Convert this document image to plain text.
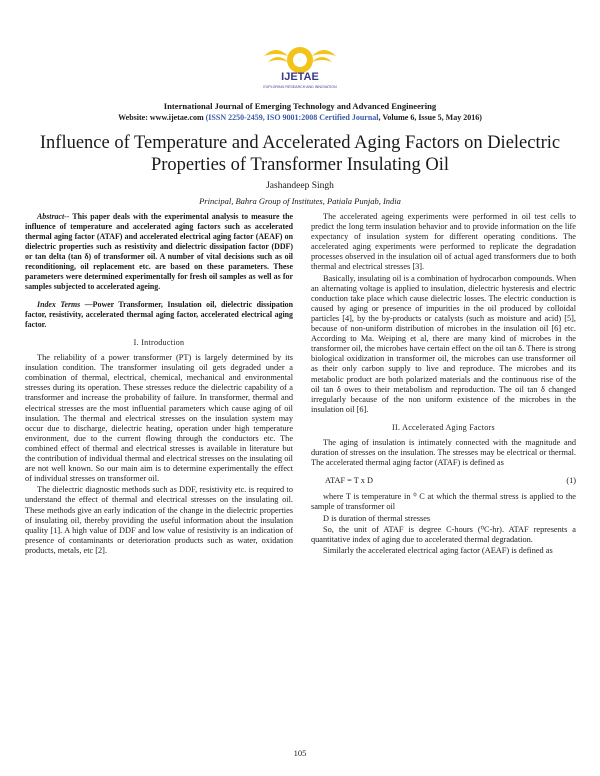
IJETAE
EXPLORING RESEARCH AND INNOVATION
International Journal of Emerging Technology and Advanced Engineering
Website: www.ijetae.com (ISSN 2250-2459, ISO 9001:2008 Certified Journal, Volume 6, Issue 5, May 2016)
Influence of Temperature and Accelerated Aging Factors on Dielectric Properties of Transformer Insulating Oil
Jashandeep Singh
Principal, Bahra Group of Institutes, Patiala Punjab, India

Abstract-- This paper deals with the experimental analysis to measure the influence of temperature and accelerated aging factors such as accelerated thermal aging factor (ATAF) and accelerated electrical aging factor (AEAF) on dielectric properties such as resistivity and dielectric dissipation factor (DDF) or tan delta (tan δ) of transformer oil. A number of vital decisions such as oil reconditioning, oil replacement etc. are based on these parameters. These parameters were determined experimentally for fresh oil samples as well as for samples subjected to accelerated ageing.

Index Terms —Power Transformer, Insulation oil, dielectric dissipation factor, resistivity, accelerated thermal aging factor, accelerated electrical aging factor.

I. Introduction

The reliability of a power transformer (PT) is largely determined by its insulation condition. The transformer insulating oil gets degraded under a combination of thermal, electrical, chemical, mechanical and environmental stresses during its operation. These stresses reduce the dielectric capability of a transformer and increase the probability of failure. In transformer, thermal and electrical stresses are the most influential parameters which cause aging of oil insulation. The thermal and electrical stresses on the insulation system may occur due to discharge, dielectric heating, operation under high temperature environment, due to the current flowing through the conductors etc. The combined effect of thermal and electrical stresses is available in literature but the contribution of individual thermal and electrical stresses on the insulating oil are not well known. So our main aim is to determine experimentally the effect of individual stresses on transformer oil.

The dielectric diagnostic methods such as DDF, resistivity etc. is required to understand the effect of thermal and electrical stresses on the insulating oil. These methods give an early indication of the change in the dielectric properties of insulating oil, thereby providing the useful information about the insulation quality [1]. A high value of DDF and low value of resistivity is an indication of presence of contaminants or deterioration products such as water, oxidation products, metals, etc [2].

The accelerated ageing experiments were performed in oil test cells to predict the long term insulation behavior and to provide information on the life expectancy of insulation system for different operating conditions. The accelerated aging experiments were performed to replicate the degradation processes observed in the insulation oil of actual aged transformers due to both thermal and electrical stresses [3].

Basically, insulating oil is a combination of hydrocarbon compounds. When an alternating voltage is applied to insulation, dielectric hysteresis and electric conduction take place which cause dielectric losses. The electric conduction is caused by aging or presence of impurities in the oil produced by colloidal particles [4], by the by-products or catalysts (such as moisture and acid) [5], because of non-uniform distribution of microbes in the insulation oil [6] etc. According to Ma. Weiping et al, there are many kind of microbes in the transformer oil, the microbes have certain effect on the oil tan δ. There is strong biological oxidization in transformer oil, the microbes can use transformer oil as their only carbon supply to live and reproduce. The microbes and its metabolic product are both polarized materials and the continuous rise of the oil tan δ owes to their metabolism and reproduction. The oil tan δ changed irregularly because of the non uniform existence of the microbes in the insulation oil [6].

II. Accelerated Aging Factors

The aging of insulation is intimately connected with the magnitude and duration of stresses on the insulation. The stresses may be electrical or thermal. The accelerated thermal aging factor (ATAF) is defined as

ATAF = T x D	(1)

where T is temperature in ⁰ C at which the thermal stress is applied to the sample of transformer oil

D is duration of thermal stresses

So, the unit of ATAF is degree C-hours (⁰C-hr). ATAF represents a quantitative index of aging due to accelerated thermal degradation.

Similarly the accelerated electrical aging factor (AEAF) is defined as

105
